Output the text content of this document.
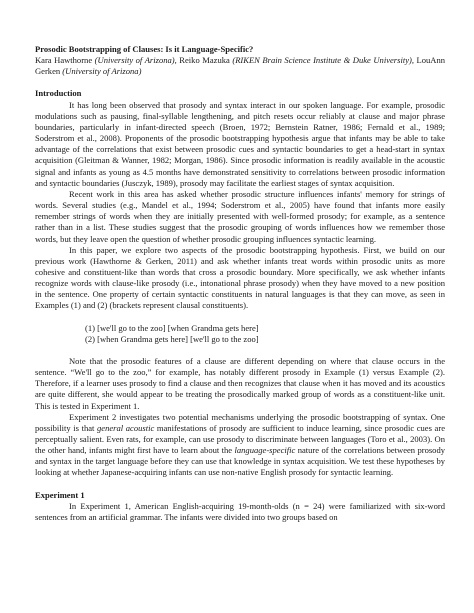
Prosodic Bootstrapping of Clauses: Is it Language-Specific?

Kara Hawthorne (University of Arizona), Reiko Mazuka (RIKEN Brain Science Institute & Duke University), LouAnn Gerken (University of Arizona)

Introduction

It has long been observed that prosody and syntax interact in our spoken language. For example, prosodic modulations such as pausing, final-syllable lengthening, and pitch resets occur reliably at clause and major phrase boundaries, particularly in infant-directed speech (Broen, 1972; Bernstein Ratner, 1986; Fernald et al., 1989; Soderstrom et al., 2008). Proponents of the prosodic bootstrapping hypothesis argue that infants may be able to take advantage of the correlations that exist between prosodic cues and syntactic boundaries to get a head-start in syntax acquisition (Gleitman & Wanner, 1982; Morgan, 1986). Since prosodic information is readily available in the acoustic signal and infants as young as 4.5 months have demonstrated sensitivity to correlations between prosodic information and syntactic boundaries (Jusczyk, 1989), prosody may facilitate the earliest stages of syntax acquisition.

Recent work in this area has asked whether prosodic structure influences infants' memory for strings of words. Several studies (e.g., Mandel et al., 1994; Soderstrom et al., 2005) have found that infants more easily remember strings of words when they are initially presented with well-formed prosody; for example, as a sentence rather than in a list. These studies suggest that the prosodic grouping of words influences how we remember those words, but they leave open the question of whether prosodic grouping influences syntactic learning.

In this paper, we explore two aspects of the prosodic bootstrapping hypothesis. First, we build on our previous work (Hawthorne & Gerken, 2011) and ask whether infants treat words within prosodic units as more cohesive and constituent-like than words that cross a prosodic boundary. More specifically, we ask whether infants recognize words with clause-like prosody (i.e., intonational phrase prosody) when they have moved to a new position in the sentence. One property of certain syntactic constituents in natural languages is that they can move, as seen in Examples (1) and (2) (brackets represent clausal constituents).

(1) [we'll go to the zoo] [when Grandma gets here]

(2) [when Grandma gets here] [we'll go to the zoo]

Note that the prosodic features of a clause are different depending on where that clause occurs in the sentence. “We'll go to the zoo,” for example, has notably different prosody in Example (1) versus Example (2). Therefore, if a learner uses prosody to find a clause and then recognizes that clause when it has moved and its acoustics are quite different, she would appear to be treating the prosodically marked group of words as a constituent-like unit. This is tested in Experiment 1.

Experiment 2 investigates two potential mechanisms underlying the prosodic bootstrapping of syntax. One possibility is that general acoustic manifestations of prosody are sufficient to induce learning, since prosodic cues are perceptually salient. Even rats, for example, can use prosody to discriminate between languages (Toro et al., 2003). On the other hand, infants might first have to learn about the language-specific nature of the correlations between prosody and syntax in the target language before they can use that knowledge in syntax acquisition. We test these hypotheses by looking at whether Japanese-acquiring infants can use non-native English prosody for syntactic learning.

Experiment 1

In Experiment 1, American English-acquiring 19-month-olds (n = 24) were familiarized with six-word sentences from an artificial grammar. The infants were divided into two groups based on
